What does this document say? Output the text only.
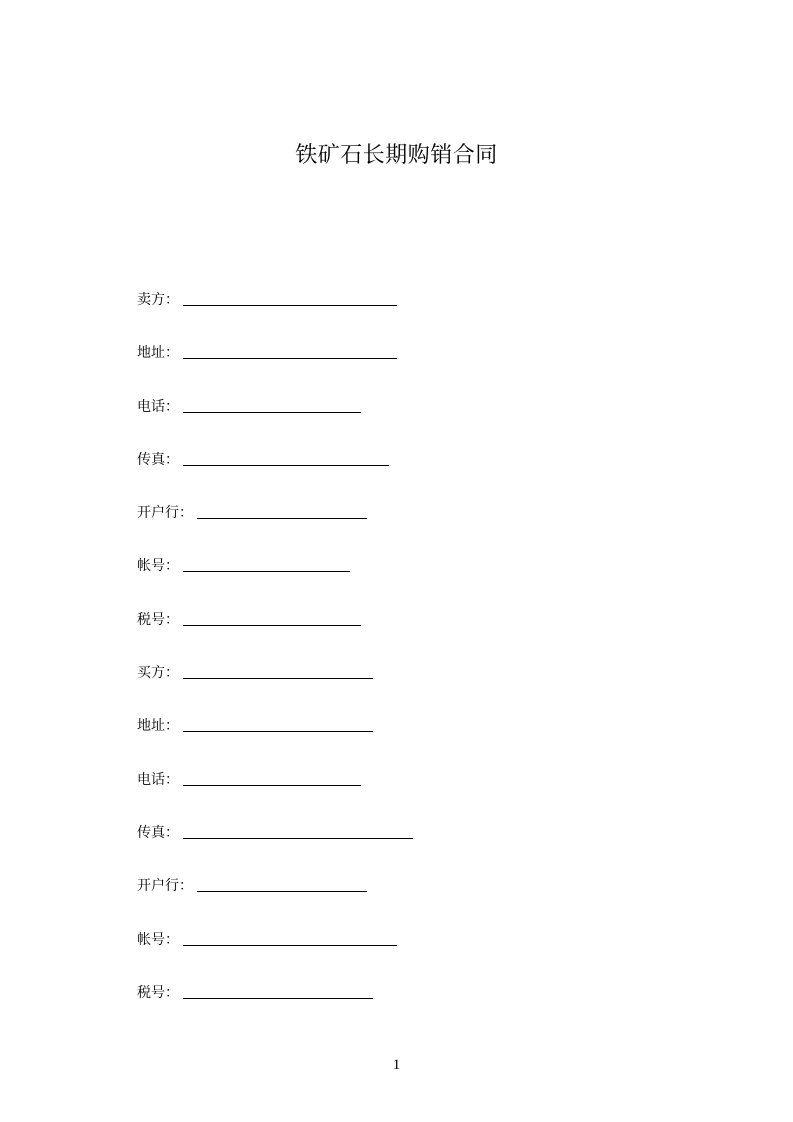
铁矿石长期购销合同
卖方 ：
地址 ：
电话 ：
传真 ：
开户行 ：
帐号 ：
税号 ：
买方 ：
地址 ：
电话 ：
传真 ：
开户行 ：
帐号 ：
税号 ：
1
